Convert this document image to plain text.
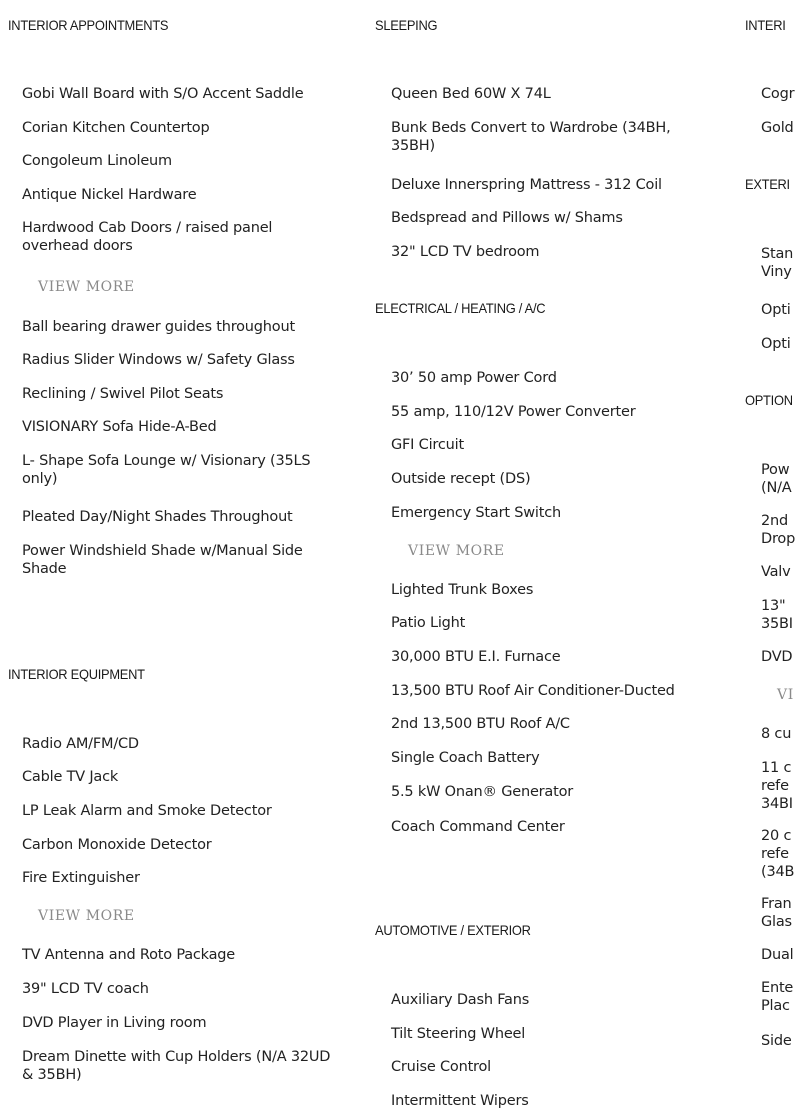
INTERIOR APPOINTMENTS
Gobi Wall Board with S/O Accent Saddle
Corian Kitchen Countertop
Congoleum Linoleum
Antique Nickel Hardware
Hardwood Cab Doors / raised panel overhead doors
VIEW MORE
Ball bearing drawer guides throughout
Radius Slider Windows w/ Safety Glass
Reclining / Swivel Pilot Seats
VISIONARY Sofa Hide-A-Bed
L- Shape Sofa Lounge w/ Visionary (35LS only)
Pleated Day/Night Shades Throughout
Power Windshield Shade w/Manual Side Shade
INTERIOR EQUIPMENT
Radio AM/FM/CD
Cable TV Jack
LP Leak Alarm and Smoke Detector
Carbon Monoxide Detector
Fire Extinguisher
VIEW MORE
TV Antenna and Roto Package
39" LCD TV coach
DVD Player in Living room
Dream Dinette with Cup Holders (N/A 32UD & 35BH)
SLEEPING
Queen Bed 60W X 74L
Bunk Beds Convert to Wardrobe (34BH, 35BH)
Deluxe Innerspring Mattress - 312 Coil
Bedspread and Pillows w/ Shams
32" LCD TV bedroom
ELECTRICAL / HEATING / A/C
30’ 50 amp Power Cord
55 amp, 110/12V Power Converter
GFI Circuit
Outside recept (DS)
Emergency Start Switch
VIEW MORE
Lighted Trunk Boxes
Patio Light
30,000 BTU E.I. Furnace
13,500 BTU Roof Air Conditioner-Ducted
2nd 13,500 BTU Roof A/C
Single Coach Battery
5.5 kW Onan® Generator
Coach Command Center
AUTOMOTIVE / EXTERIOR
Auxiliary Dash Fans
Tilt Steering Wheel
Cruise Control
Intermittent Wipers
INTERI
Cogr
Gold
EXTERI
Stan
Viny
Opti
Opti
OPTION
Pow
(N/A
2nd
Drop
Valv
13"
35BI
DVD
VI
8 cu
11 c
refe
34BI
20 c
refe
(34B
Fran
Glas
Dual
Ente
Plac
Side
